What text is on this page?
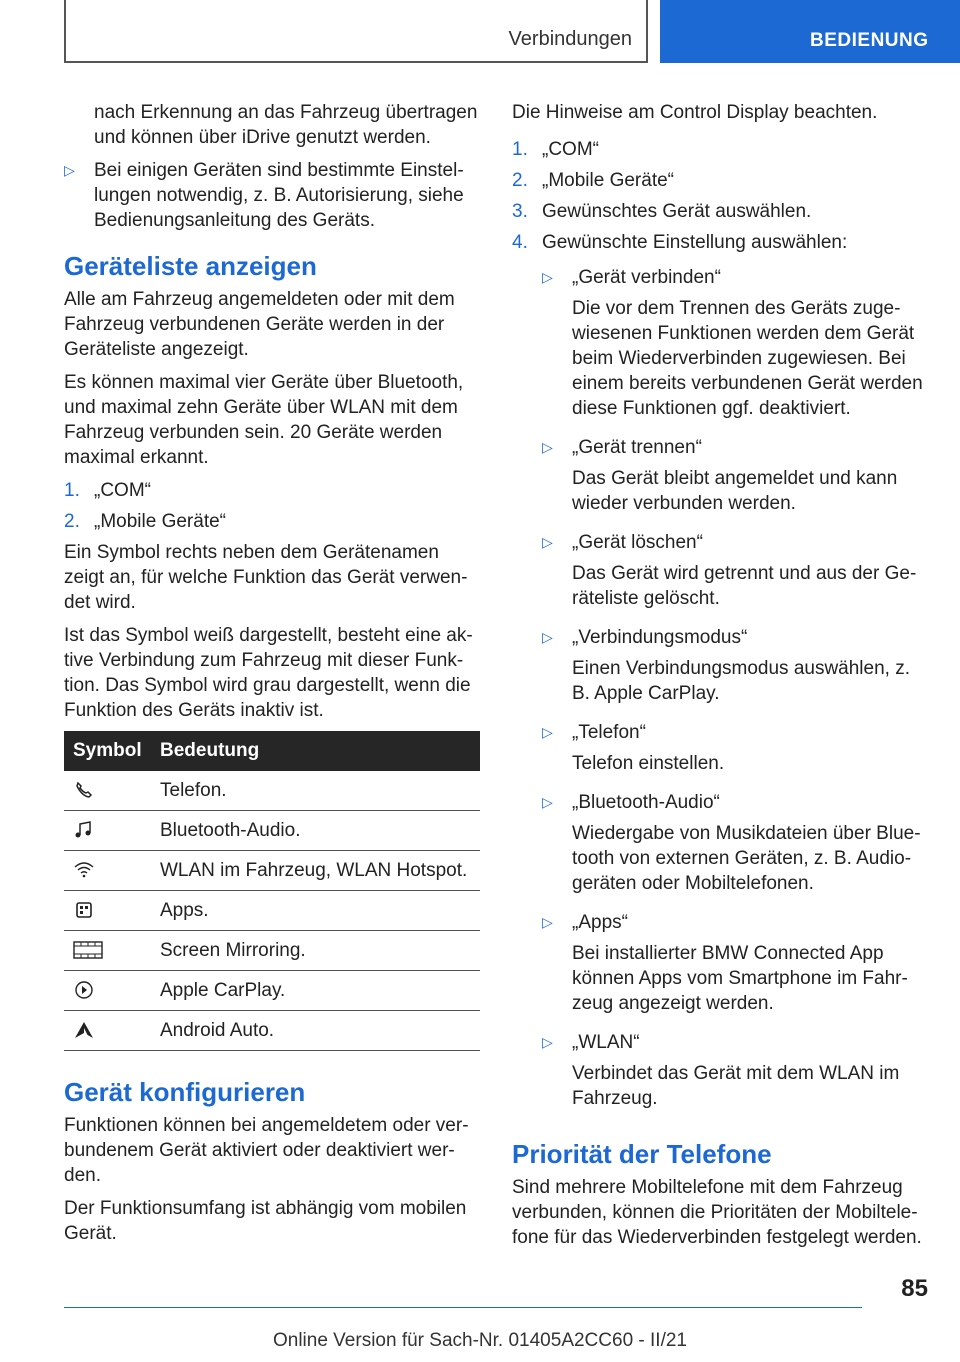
Verbindungen	BEDIENUNG

nach Erkennung an das Fahrzeug übertragen und können über iDrive genutzt werden.

▷	Bei einigen Geräten sind bestimmte Einstellungen notwendig, z. B. Autorisierung, siehe Bedienungsanleitung des Geräts.
Geräteliste anzeigen

Alle am Fahrzeug angemeldeten oder mit dem Fahrzeug verbundenen Geräte werden in der Geräteliste angezeigt.

Es können maximal vier Geräte über Bluetooth, und maximal zehn Geräte über WLAN mit dem Fahrzeug verbunden sein. 20 Geräte werden maximal erkannt.

1. „COM“
2. „Mobile Geräte“

Ein Symbol rechts neben dem Gerätenamen zeigt an, für welche Funktion das Gerät verwendet wird.

Ist das Symbol weiß dargestellt, besteht eine aktive Verbindung zum Fahrzeug mit dieser Funktion. Das Symbol wird grau dargestellt, wenn die Funktion des Geräts inaktiv ist.

Symbol	Bedeutung
	Telefon.
	Bluetooth-Audio.
	WLAN im Fahrzeug, WLAN Hotspot.
	Apps.
	Screen Mirroring.
	Apple CarPlay.
	Android Auto.
Gerät konfigurieren

Funktionen können bei angemeldetem oder verbundenem Gerät aktiviert oder deaktiviert werden.

Der Funktionsumfang ist abhängig vom mobilen Gerät.

Die Hinweise am Control Display beachten.

1. „COM“
2. „Mobile Geräte“
3. Gewünschtes Gerät auswählen.
4. Gewünschte Einstellung auswählen:
▷	„Gerät verbinden“
Die vor dem Trennen des Geräts zugewiesenen Funktionen werden dem Gerät beim Wiederverbinden zugewiesen. Bei einem bereits verbundenen Gerät werden diese Funktionen ggf. deaktiviert.
▷	„Gerät trennen“
Das Gerät bleibt angemeldet und kann wieder verbunden werden.
▷	„Gerät löschen“
Das Gerät wird getrennt und aus der Geräteliste gelöscht.
▷	„Verbindungsmodus“
Einen Verbindungsmodus auswählen, z. B. Apple CarPlay.
▷	„Telefon“
Telefon einstellen.
▷	„Bluetooth-Audio“
Wiedergabe von Musikdateien über Bluetooth von externen Geräten, z. B. Audiogeräten oder Mobiltelefonen.
▷	„Apps“
Bei installierter BMW Connected App können Apps vom Smartphone im Fahrzeug angezeigt werden.
▷	„WLAN“
Verbindet das Gerät mit dem WLAN im Fahrzeug.
Priorität der Telefone

Sind mehrere Mobiltelefone mit dem Fahrzeug verbunden, können die Prioritäten der Mobiltelefone für das Wiederverbinden festgelegt werden.

85
Online Version für Sach-Nr. 01405A2CC60 - II/21
